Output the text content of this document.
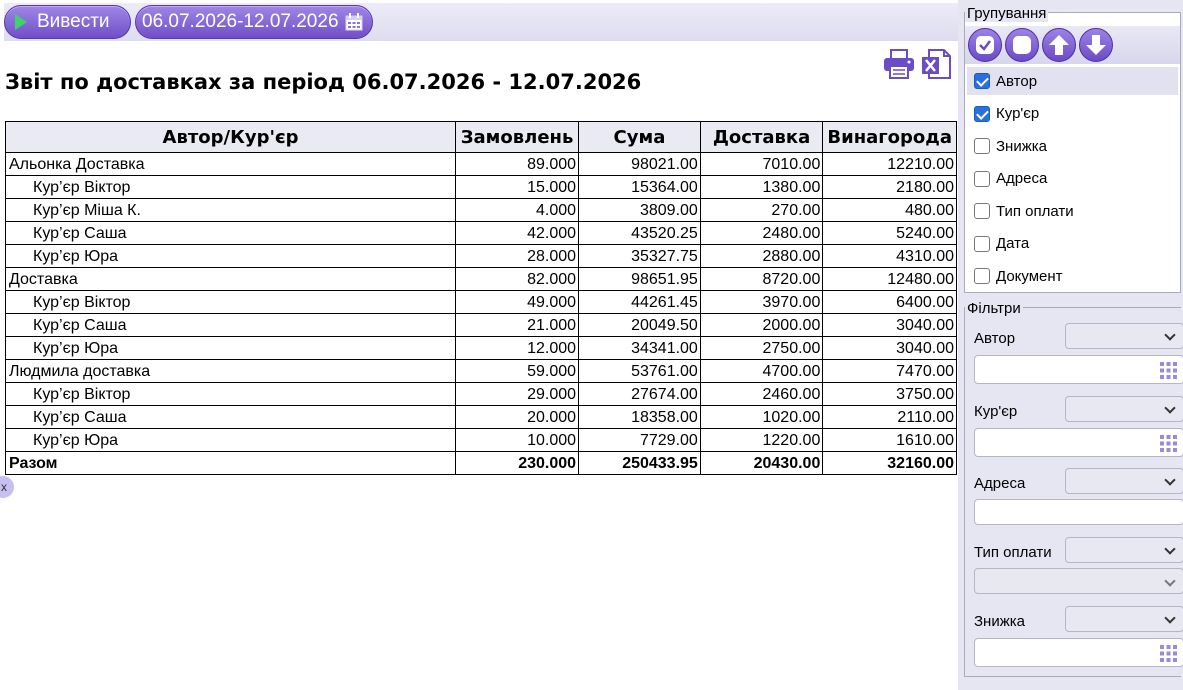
Вивести 06.07.2026-12.07.2026
Звіт по доставках за період 06.07.2026 - 12.07.2026
Автор/Кур'єр	Замовлень	Сума	Доставка	Винагорода
Альонка Доставка	89.000	98021.00	7010.00	12210.00
Кур’єр Віктор	15.000	15364.00	1380.00	2180.00
Кур’єр Міша К.	4.000	3809.00	270.00	480.00
Кур’єр Саша	42.000	43520.25	2480.00	5240.00
Кур’єр Юра	28.000	35327.75	2880.00	4310.00
Доставка	82.000	98651.95	8720.00	12480.00
Кур’єр Віктор	49.000	44261.45	3970.00	6400.00
Кур’єр Саша	21.000	20049.50	2000.00	3040.00
Кур’єр Юра	12.000	34341.00	2750.00	3040.00
Людмила доставка	59.000	53761.00	4700.00	7470.00
Кур’єр Віктор	29.000	27674.00	2460.00	3750.00
Кур’єр Саша	20.000	18358.00	1020.00	2110.00
Кур’єр Юра	10.000	7729.00	1220.00	1610.00
Разом	230.000	250433.95	20430.00	32160.00
x
Автор
Кур'єр
Знижка
Адреса
Тип оплати
Дата
Документ
Групування
Автор
Кур'єр
Адреса
Тип оплати
Знижка
Фільтри
